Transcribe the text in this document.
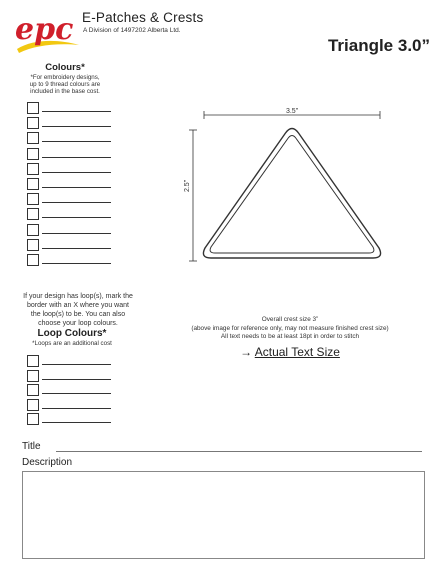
epc E-Patches & Crests
A Division of 1497202 Alberta Ltd.
Triangle 3.0”
Colours*
*For embroidery designs,
up to 9 thread colours are
included in the base cost.
If your design has loop(s), mark the
border with an X where you want
the loop(s) to be. You can also
choose your loop colours.
Loop Colours*
*Loops are an additional cost
3.5”
2.5”
Overall crest size 3”
(above image for reference only, may not measure finished crest size)
All text needs to be at least 18pt in order to stitch
→ Actual Text Size
Title
Description
